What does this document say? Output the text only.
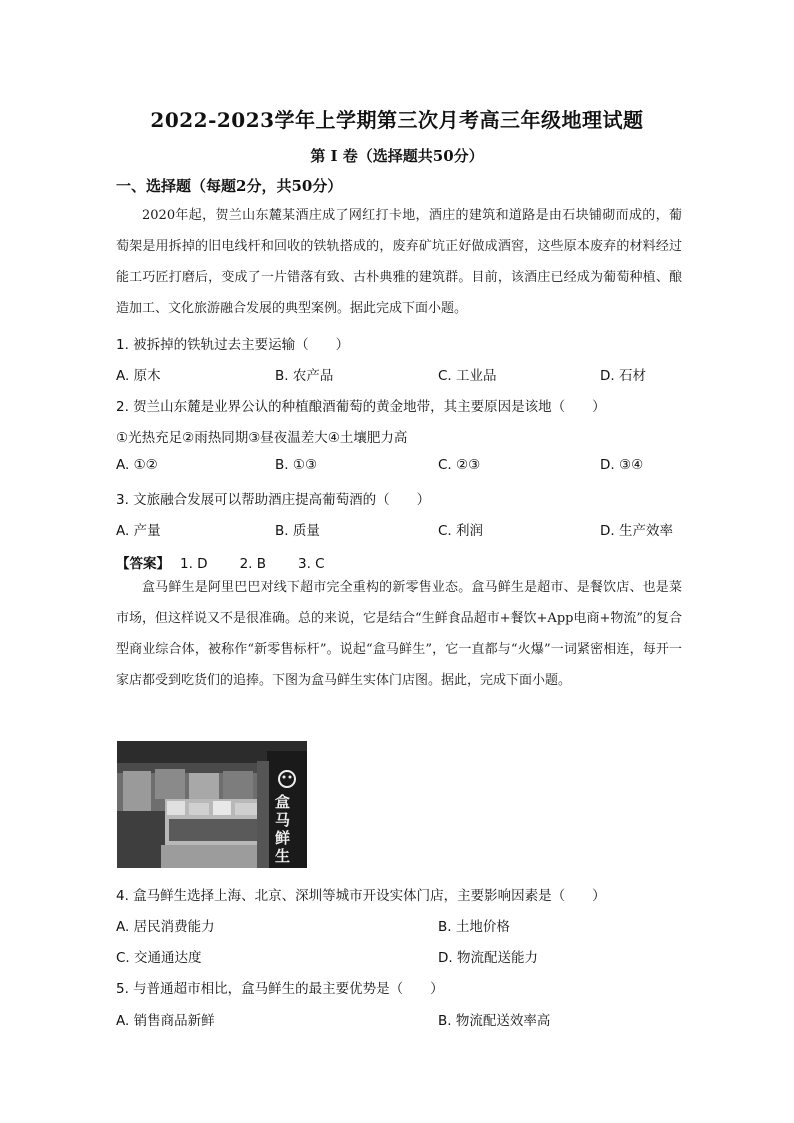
2022-2023学年上学期第三次月考高三年级地理试题
第 I 卷（选择题共50分）
一、选择题（每题2分，共50分）
2020年起，贺兰山东麓某酒庄成了网红打卡地，酒庄的建筑和道路是由石块铺砌而成的，葡萄架是用拆掉的旧电线杆和回收的铁轨搭成的，废弃矿坑正好做成酒窖，这些原本废弃的材料经过能工巧匠打磨后，变成了一片错落有致、古朴典雅的建筑群。目前，该酒庄已经成为葡萄种植、酿造加工、文化旅游融合发展的典型案例。据此完成下面小题。
1. 被拆掉的铁轨过去主要运输（　　）
A. 原木	B. 农产品	C. 工业品	D. 石材
2. 贺兰山东麓是业界公认的种植酿酒葡萄的黄金地带，其主要原因是该地（　　）
①光热充足②雨热同期③昼夜温差大④土壤肥力高
A. ①②	B. ①③	C. ②③	D. ③④
3. 文旅融合发展可以帮助酒庄提高葡萄酒的（　　）
A. 产量	B. 质量	C. 利润	D. 生产效率
【答案】 1. D 2. B 3. C
盒马鲜生是阿里巴巴对线下超市完全重构的新零售业态。盒马鲜生是超市、是餐饮店、也是菜市场，但这样说又不是很准确。总的来说，它是结合“生鲜食品超市+餐饮+App电商+物流”的复合型商业综合体，被称作“新零售标杆”。说起“盒马鲜生”，它一直都与“火爆”一词紧密相连，每开一家店都受到吃货们的追捧。下图为盒马鲜生实体门店图。据此，完成下面小题。
盒马鲜生
4. 盒马鲜生选择上海、北京、深圳等城市开设实体门店，主要影响因素是（　　）
A. 居民消费能力	B. 土地价格
C. 交通通达度	D. 物流配送能力
5. 与普通超市相比，盒马鲜生的最主要优势是（　　）
A. 销售商品新鲜	B. 物流配送效率高
